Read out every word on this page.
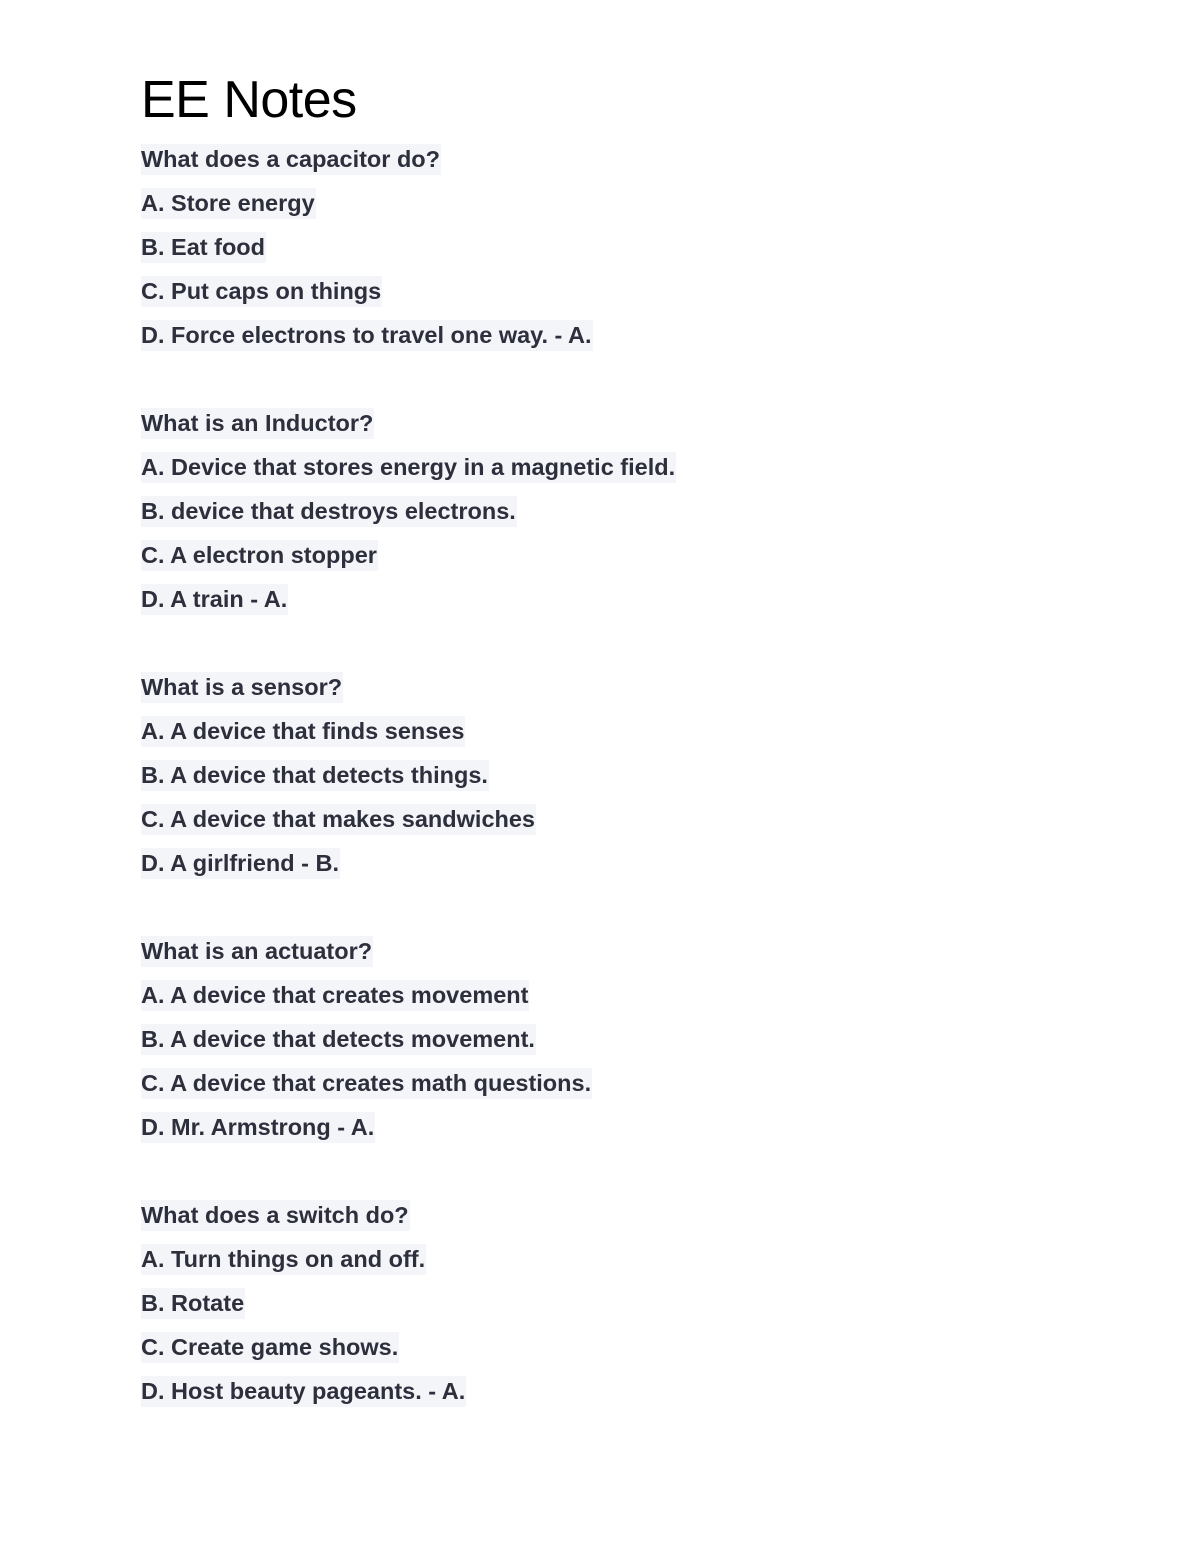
EE Notes

What does a capacitor do?

A. Store energy

B. Eat food

C. Put caps on things

D. Force electrons to travel one way. - A.

What is an Inductor?

A. Device that stores energy in a magnetic field.

B. device that destroys electrons.

C. A electron stopper

D. A train - A.

What is a sensor?

A. A device that finds senses

B. A device that detects things.

C. A device that makes sandwiches

D. A girlfriend - B.

What is an actuator?

A. A device that creates movement

B. A device that detects movement.

C. A device that creates math questions.

D. Mr. Armstrong - A.

What does a switch do?

A. Turn things on and off.

B. Rotate

C. Create game shows.

D. Host beauty pageants. - A.
